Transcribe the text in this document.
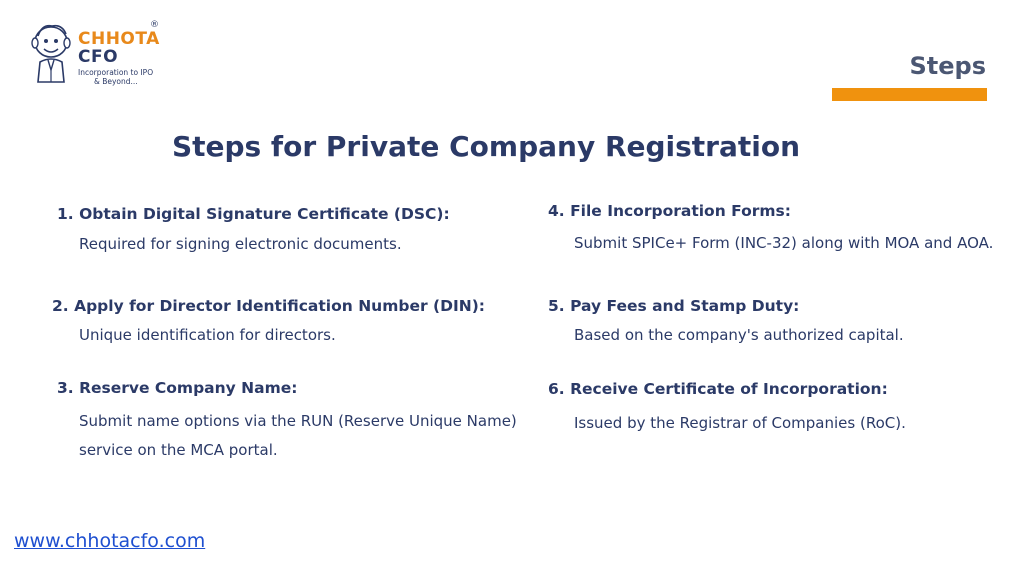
CHHOTA
®
CFO
Incorporation to IPO
& Beyond...
Steps
Steps for Private Company Registration
1. Obtain Digital Signature Certificate (DSC):
Required for signing electronic documents.
2. Apply for Director Identification Number (DIN):
Unique identification for directors.
3. Reserve Company Name:
Submit name options via the RUN (Reserve Unique Name) service on the MCA portal.
4. File Incorporation Forms:
Submit SPICe+ Form (INC-32) along with MOA and AOA.
5. Pay Fees and Stamp Duty:
Based on the company's authorized capital.
6. Receive Certificate of Incorporation:
Issued by the Registrar of Companies (RoC).
www.chhotacfo.com
